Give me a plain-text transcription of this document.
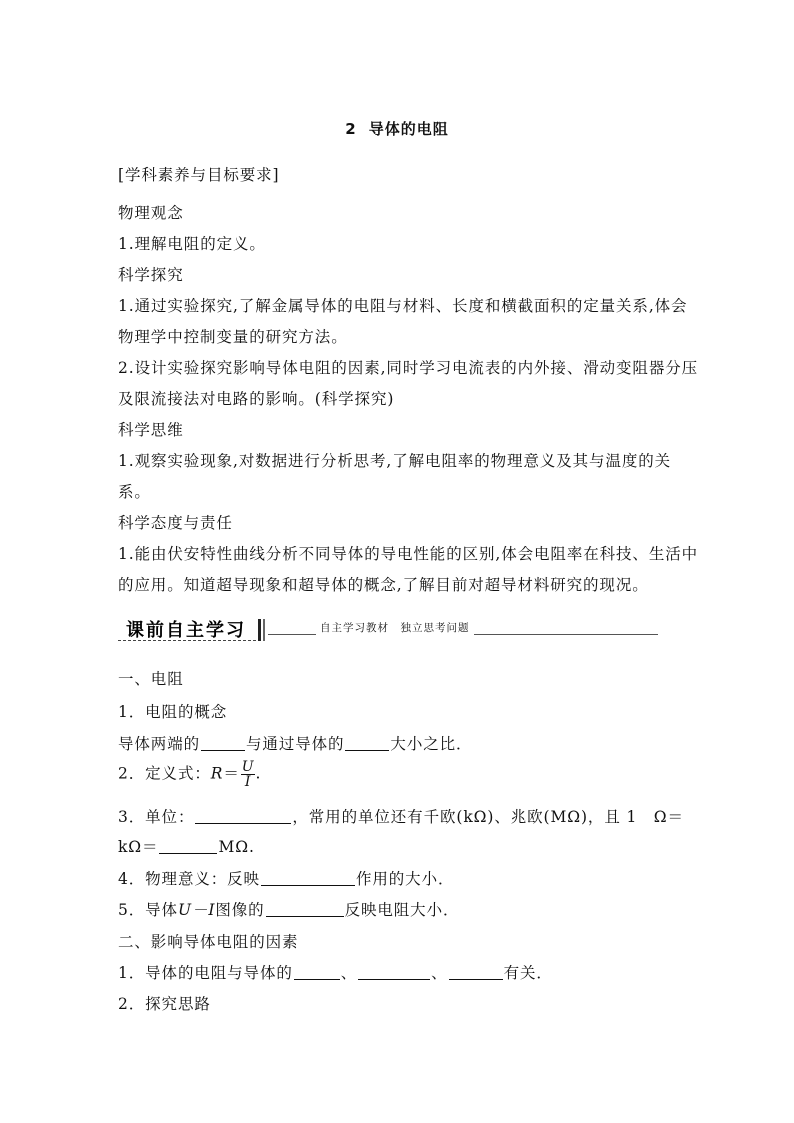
2 导体的电阻
[学科素养与目标要求]
物理观念
1.理解电阻的定义。
科学探究
1.通过实验探究,了解金属导体的电阻与材料、长度和横截面积的定量关系,体会
物理学中控制变量的研究方法。
2.设计实验探究影响导体电阻的因素,同时学习电流表的内外接、滑动变阻器分压
及限流接法对电路的影响。(科学探究)
科学思维
1.观察实验现象,对数据进行分析思考,了解电阻率的物理意义及其与温度的关
系。
科学态度与责任
1.能由伏安特性曲线分析不同导体的导电性能的区别,体会电阻率在科技、生活中
的应用。知道超导现象和超导体的概念,了解目前对超导材料研究的现况。
课前自主学习	自主学习教材　独立思考问题
一、电阻
1．电阻的概念
导体两端的	与通过导体的	大小之比．
2．定义式：$R= \frac{U}{I}$ .
3．单位：	，常用的单位还有千欧(kΩ)、兆欧(MΩ)，且 1　Ω＝
kΩ＝	MΩ.
4．物理意义：反映	作用的大小．
5．导体U－I图像的	反映电阻大小．
二、影响导体电阻的因素
1．导体的电阻与导体的	、	、	有关．
2．探究思路
